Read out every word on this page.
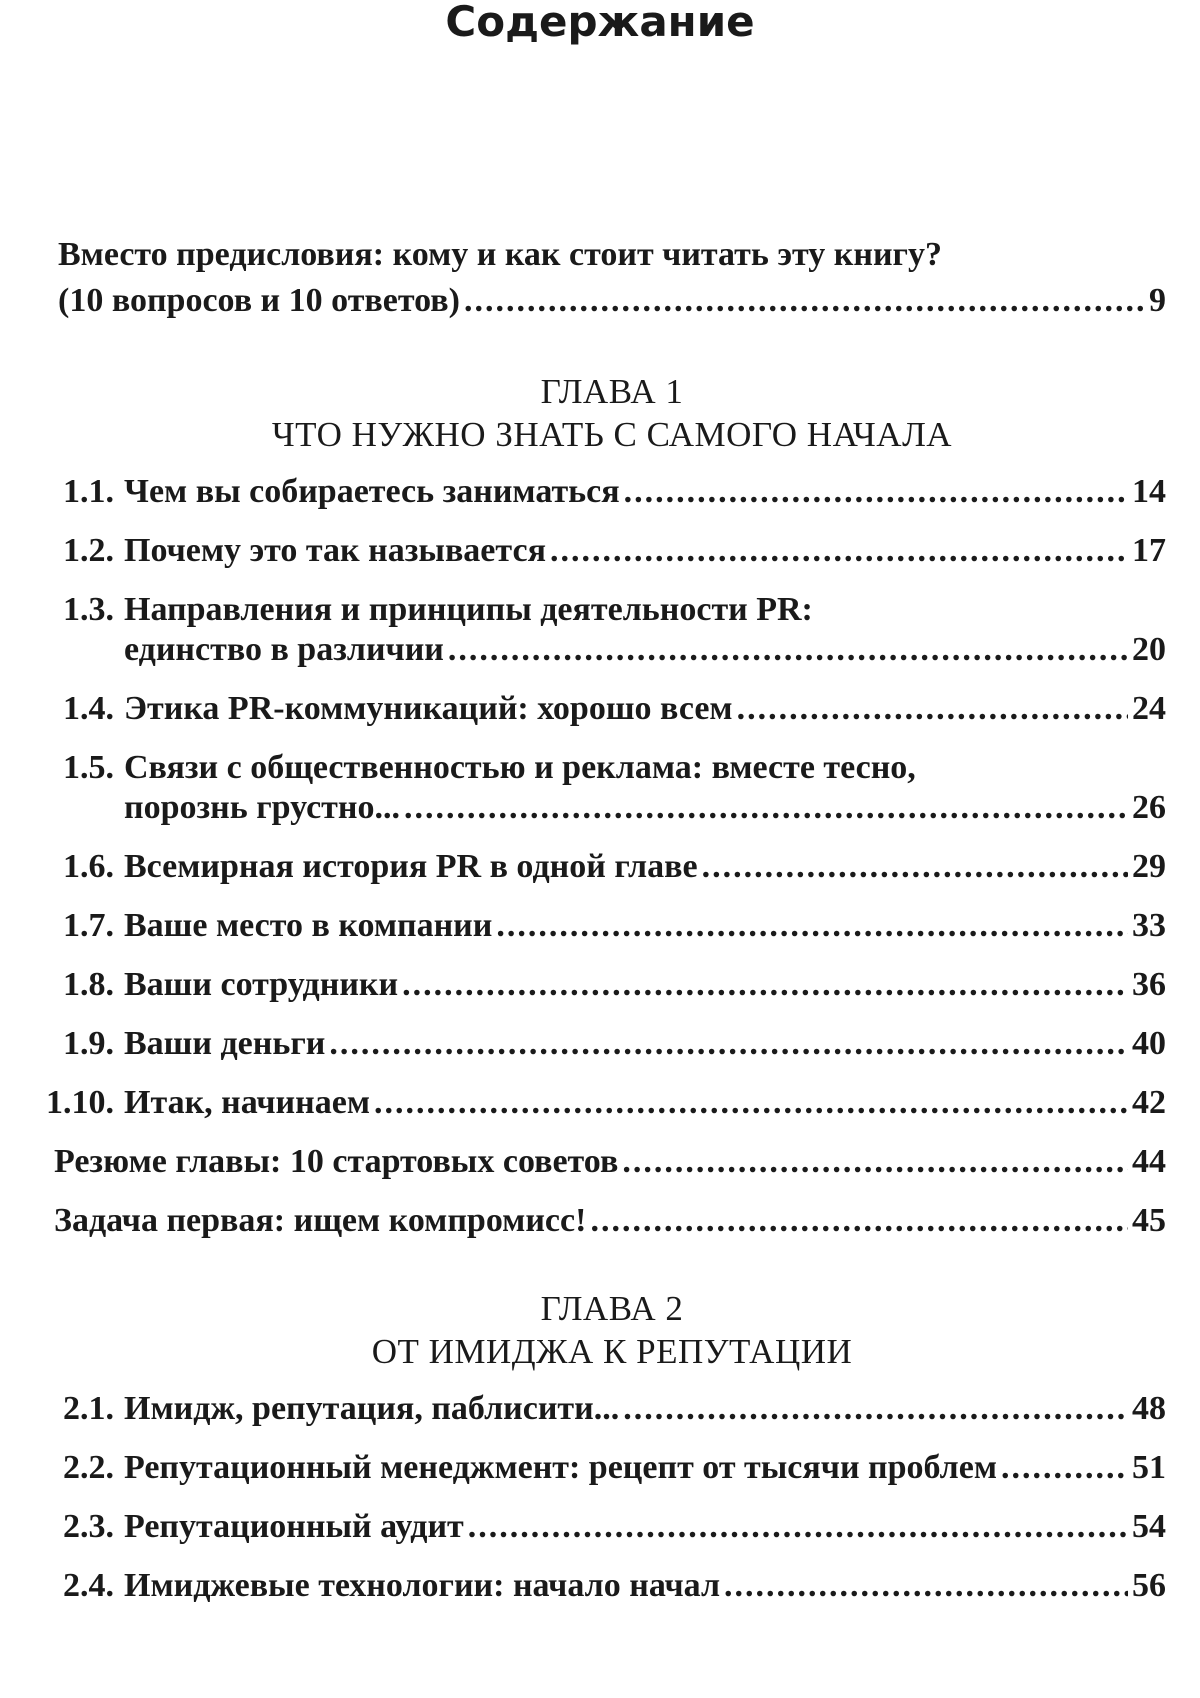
Содержание
Вместо предисловия: кому и как стоит читать эту книгу?
(10 вопросов и 10 ответов) .....	9
ГЛАВА 1
ЧТО НУЖНО ЗНАТЬ С САМОГО НАЧАЛА
1.1. Чем вы собираетесь заниматься .....	14
1.2. Почему это так называется .....	17
1.3. Направления и принципы деятельности PR:
единство в различии .....	20
1.4. Этика PR-коммуникаций: хорошо всем .....	24
1.5. Связи с общественностью и реклама: вместе тесно,
порознь грустно... .....	26
1.6. Всемирная история PR в одной главе .....	29
1.7. Ваше место в компании .....	33
1.8. Ваши сотрудники .....	36
1.9. Ваши деньги .....	40
1.10. Итак, начинаем .....	42
Резюме главы: 10 стартовых советов .....	44
Задача первая: ищем компромисс! .....	45
ГЛАВА 2
ОТ ИМИДЖА К РЕПУТАЦИИ
2.1. Имидж, репутация, паблисити... .....	48
2.2. Репутационный менеджмент: рецепт от тысячи проблем .....	51
2.3. Репутационный аудит .....	54
2.4. Имиджевые технологии: начало начал .....	56
